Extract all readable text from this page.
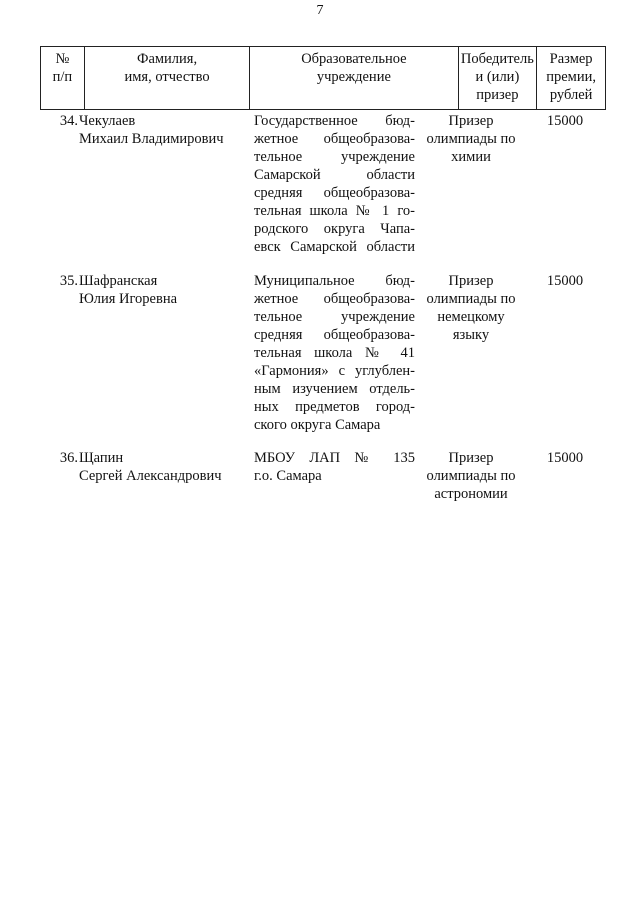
7
№
п/п
Фамилия,
имя, отчество
Образовательное
учреждение
Победитель
и (или) призер
Размер
премии,
рублей
34. Чекулаев
Михаил Владимирович
Государственное бюд-
жетное общеобразова-
тельное учреждение
Самарской области
средняя общеобразова-
тельная школа № 1 го-
родского округа Чапа-
евск Самарской области
Призер
олимпиады по
химии
15000
35. Шафранская
Юлия Игоревна
Муниципальное бюд-
жетное общеобразова-
тельное учреждение
средняя общеобразова-
тельная школа № 41
«Гармония» с углублен-
ным изучением отдель-
ных предметов город-
ского округа Самара
Призер
олимпиады по
немецкому
языку
15000
36. Щапин
Сергей Александрович
МБОУ ЛАП № 135
г.о. Самара
Призер
олимпиады по
астрономии
15000
